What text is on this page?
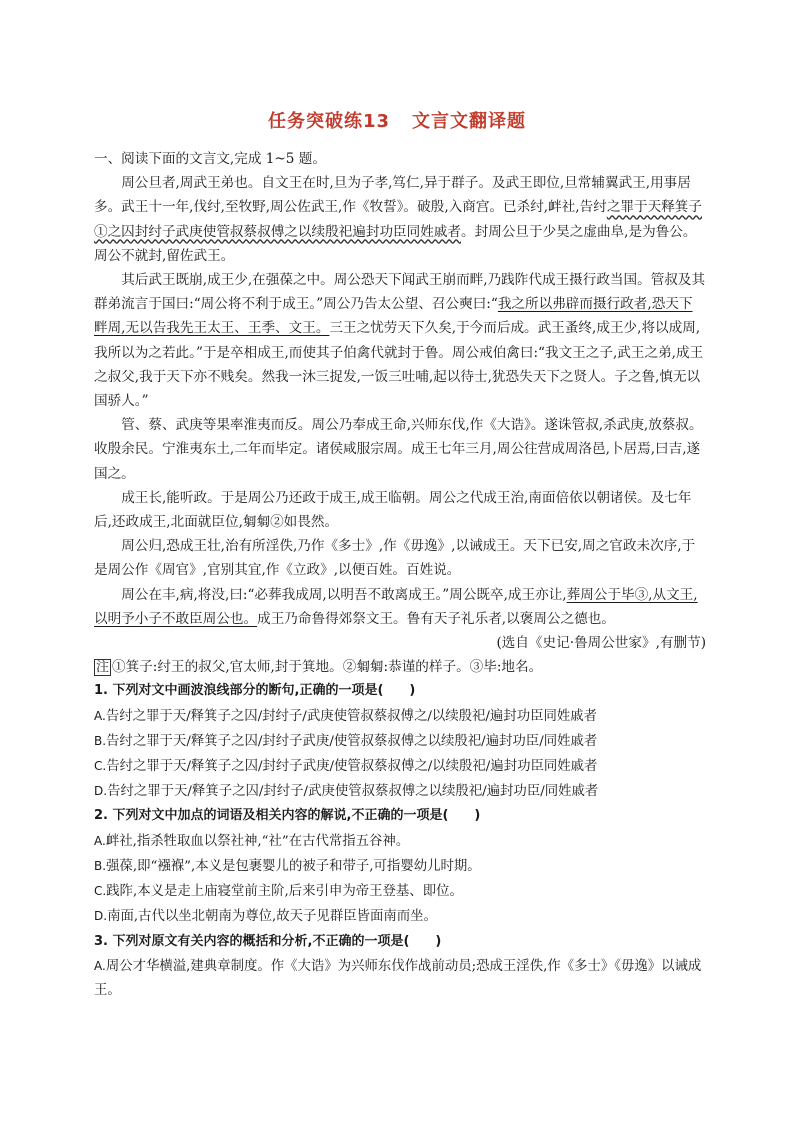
任务突破练13 文言文翻译题

一、阅读下面的文言文,完成 1~5 题。

周公旦者,周武王弟也。自文王在时,旦为子孝,笃仁,异于群子。及武王即位,旦常辅翼武王,用事居多。武王十一年,伐纣,至牧野,周公佐武王,作《牧誓》。破殷,入商宫。已杀纣,衅社,告纣之罪于天释箕子①之囚封纣子武庚使管叔蔡叔傅之以续殷祀遍封功臣同姓戚者。封周公旦于少昊之虚曲阜,是为鲁公。周公不就封,留佐武王。

其后武王既崩,成王少,在强葆之中。周公恐天下闻武王崩而畔,乃践阼代成王摄行政当国。管叔及其群弟流言于国曰:“周公将不利于成王。”周公乃告太公望、召公奭曰:“我之所以弗辟而摄行政者,恐天下畔周,无以告我先王太王、王季、文王。三王之忧劳天下久矣,于今而后成。武王蚤终,成王少,将以成周,我所以为之若此。”于是卒相成王,而使其子伯禽代就封于鲁。周公戒伯禽曰:“我文王之子,武王之弟,成王之叔父,我于天下亦不贱矣。然我一沐三捉发,一饭三吐哺,起以待士,犹恐失天下之贤人。子之鲁,慎无以国骄人。”

管、蔡、武庚等果率淮夷而反。周公乃奉成王命,兴师东伐,作《大诰》。遂诛管叔,杀武庚,放蔡叔。收殷余民。宁淮夷东土,二年而毕定。诸侯咸服宗周。成王七年三月,周公往营成周洛邑,卜居焉,曰吉,遂国之。

成王长,能听政。于是周公乃还政于成王,成王临朝。周公之代成王治,南面倍依以朝诸侯。及七年后,还政成王,北面就臣位,匔匔②如畏然。

周公归,恐成王壮,治有所淫佚,乃作《多士》,作《毋逸》,以诫成王。天下已安,周之官政未次序,于是周公作《周官》,官别其宜,作《立政》,以便百姓。百姓说。

周公在丰,病,将没,曰:“必葬我成周,以明吾不敢离成王。”周公既卒,成王亦让,葬周公于毕③,从文王,以明予小子不敢臣周公也。成王乃命鲁得郊祭文王。鲁有天子礼乐者,以褒周公之德也。

(选自《史记·鲁周公世家》,有删节)

注 ①箕子:纣王的叔父,官太师,封于箕地。②匔匔:恭谨的样子。③毕:地名。

1. 下列对文中画波浪线部分的断句,正确的一项是(　　)

A.告纣之罪于天/释箕子之囚/封纣子/武庚使管叔蔡叔傅之/以续殷祀/遍封功臣同姓戚者

B.告纣之罪于天/释箕子之囚/封纣子武庚/使管叔蔡叔傅之以续殷祀/遍封功臣/同姓戚者

C.告纣之罪于天/释箕子之囚/封纣子武庚/使管叔蔡叔傅之/以续殷祀/遍封功臣同姓戚者

D.告纣之罪于天/释箕子之囚/封纣子/武庚使管叔蔡叔傅之以续殷祀/遍封功臣/同姓戚者

2. 下列对文中加点的词语及相关内容的解说,不正确的一项是(　　)

A.衅社,指杀牲取血以祭社神,“社”在古代常指五谷神。

B.强葆,即“襁褓”,本义是包裹婴儿的被子和带子,可指婴幼儿时期。

C.践阼,本义是走上庙寝堂前主阶,后来引申为帝王登基、即位。

D.南面,古代以坐北朝南为尊位,故天子见群臣皆面南而坐。

3. 下列对原文有关内容的概括和分析,不正确的一项是(　　)

A.周公才华横溢,建典章制度。作《大诰》为兴师东伐作战前动员;恐成王淫佚,作《多士》《毋逸》以诫成王。
